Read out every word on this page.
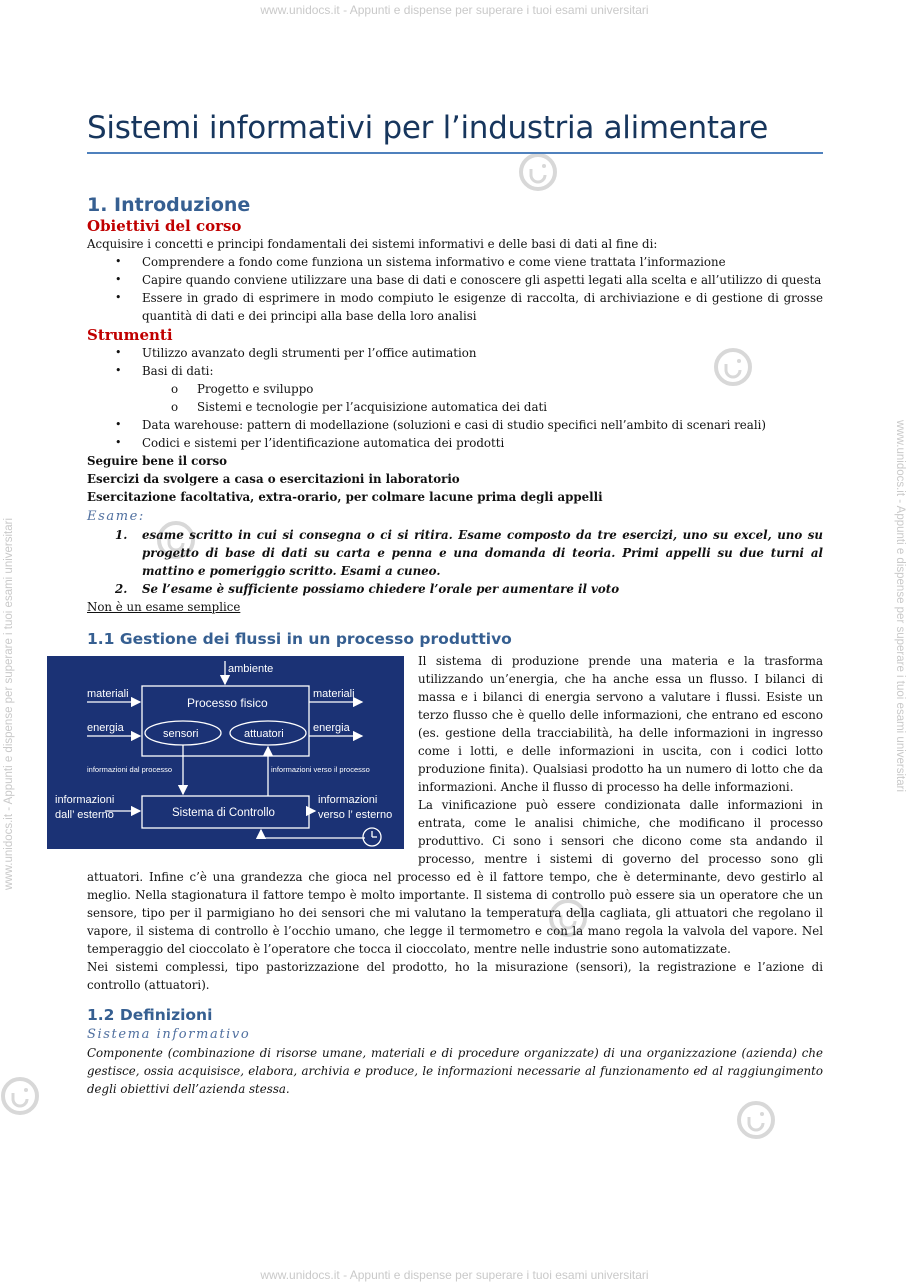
www.unidocs.it - Appunti e dispense per superare i tuoi esami universitari
www.unidocs.it - Appunti e dispense per superare i tuoi esami universitari
www.unidocs.it - Appunti e dispense per superare i tuoi esami universitari	www.unidocs.it - Appunti e dispense per superare i tuoi esami universitari
Sistemi informativi per l’industria alimentare
1. Introduzione
Obiettivi del corso

Acquisire i concetti e principi fondamentali dei sistemi informativi e delle basi di dati al fine di:

• Comprendere a fondo come funziona un sistema informativo e come viene trattata l’informazione
• Capire quando conviene utilizzare una base di dati e conoscere gli aspetti legati alla scelta e all’utilizzo di questa
• Essere in grado di esprimere in modo compiuto le esigenze di raccolta, di archiviazione e di gestione di grosse quantità di dati e dei principi alla base della loro analisi
Strumenti
• Utilizzo avanzato degli strumenti per l’office autimation
• Basi di dati:
o Progetto e sviluppo
o Sistemi e tecnologie per l’acquisizione automatica dei dati
• Data warehouse: pattern di modellazione (soluzioni e casi di studio specifici nell’ambito di scenari reali)
• Codici e sistemi per l’identificazione automatica dei prodotti

Seguire bene il corso

Esercizi da svolgere a casa o esercitazioni in laboratorio

Esercitazione facoltativa, extra-orario, per colmare lacune prima degli appelli

Esame:
1. esame scritto in cui si consegna o ci si ritira. Esame composto da tre esercizi, uno su excel, uno su progetto di base di dati su carta e penna e una domanda di teoria. Primi appelli su due turni al mattino e pomeriggio scritto. Esami a cuneo.
2. Se l’esame è sufficiente possiamo chiedere l’orale per aumentare il voto

Non è un esame semplice

1.1 Gestione dei flussi in un processo produttivo

ambiente
materiali
energia
Processo fisico
materiali
energia
sensori	attuatori
informazioni dal processo	informazioni verso il processo
informazioni
dall’ esterno	Sistema di Controllo
informazioni
verso l’ esterno
Il sistema di produzione prende una materia e la trasforma utilizzando un’energia, che ha anche essa un flusso. I bilanci di massa e i bilanci di energia servono a valutare i flussi. Esiste un terzo flusso che è quello delle informazioni, che entrano ed escono (es. gestione della tracciabilità, ha delle informazioni in ingresso come i lotti, e delle informazioni in uscita, con i codici lotto produzione finita). Qualsiasi prodotto ha un numero di lotto che da informazioni. Anche il flusso di processo ha delle informazioni.

La vinificazione può essere condizionata dalle informazioni in entrata, come le analisi chimiche, che modificano il processo produttivo. Ci sono i sensori che dicono come sta andando il processo, mentre i sistemi di governo del processo sono gli attuatori. Infine c’è una grandezza che gioca nel processo ed è il fattore tempo, che è determinante, devo gestirlo al meglio. Nella stagionatura il fattore tempo è molto importante. Il sistema di controllo può essere sia un operatore che un sensore, tipo per il parmigiano ho dei sensori che mi valutano la temperatura della cagliata, gli attuatori che regolano il vapore, il sistema di controllo è l’occhio umano, che legge il termometro e con la mano regola la valvola del vapore. Nel temperaggio del cioccolato è l’operatore che tocca il cioccolato, mentre nelle industrie sono automatizzate.

Nei sistemi complessi, tipo pastorizzazione del prodotto, ho la misurazione (sensori), la registrazione e l’azione di controllo (attuatori).

1.2 Definizioni
Sistema informativo

Componente (combinazione di risorse umane, materiali e di procedure organizzate) di una organizzazione (azienda) che gestisce, ossia acquisisce, elabora, archivia e produce, le informazioni necessarie al funzionamento ed al raggiungimento degli obiettivi dell’azienda stessa.
